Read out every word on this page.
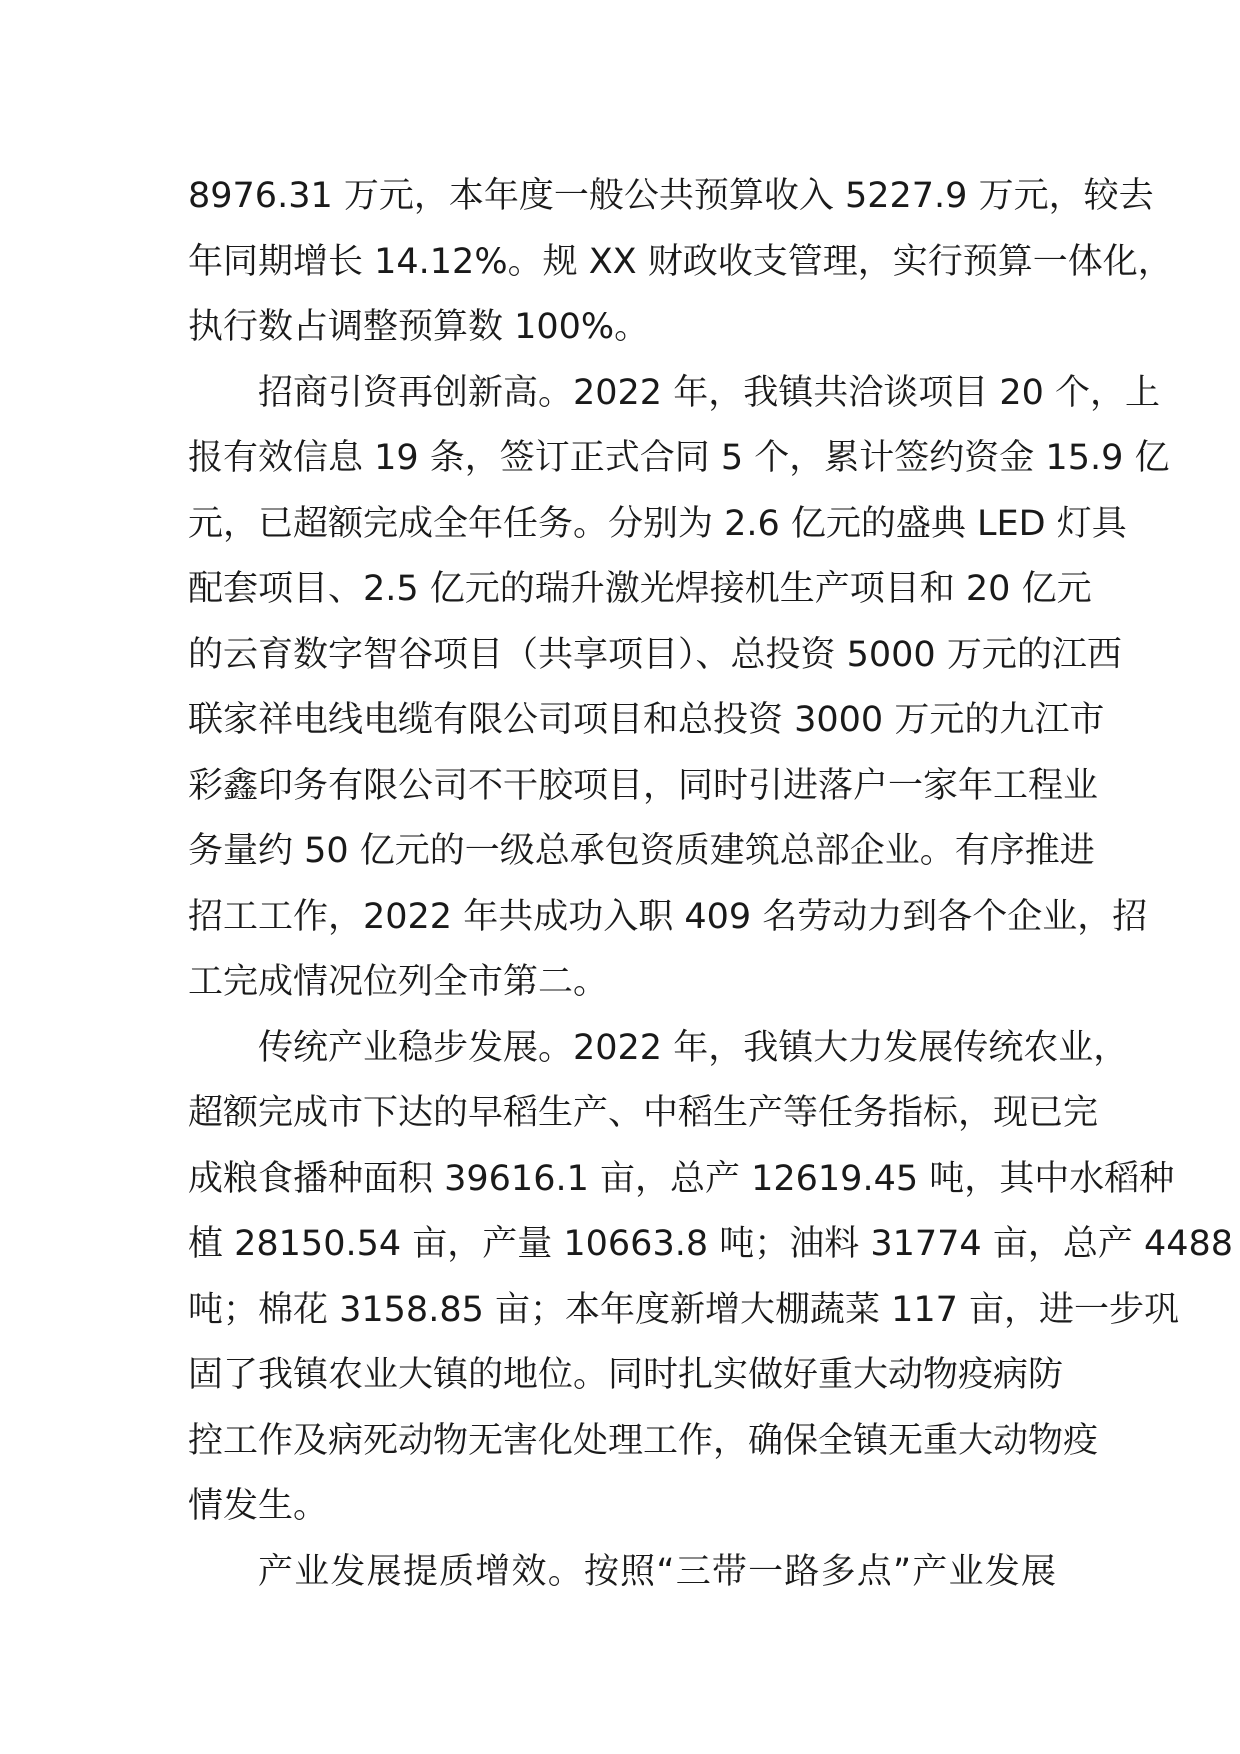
8976.31 万元，本年度一般公共预算收入 5227.9 万元，较去
年同期增长 14.12%。规 XX 财政收支管理，实行预算一体化，
执行数占调整预算数 100%。
招商引资再创新高。2022 年，我镇共洽谈项目 20 个，上
报有效信息 19 条，签订正式合同 5 个，累计签约资金 15.9 亿
元，已超额完成全年任务。分别为 2.6 亿元的盛典 LED 灯具
配套项目、2.5 亿元的瑞升激光焊接机生产项目和 20 亿元
的云育数字智谷项目（共享项目）、总投资 5000 万元的江西
联家祥电线电缆有限公司项目和总投资 3000 万元的九江市
彩鑫印务有限公司不干胶项目，同时引进落户一家年工程业
务量约 50 亿元的一级总承包资质建筑总部企业。有序推进
招工工作，2022 年共成功入职 409 名劳动力到各个企业，招
工完成情况位列全市第二。
传统产业稳步发展。2022 年，我镇大力发展传统农业，
超额完成市下达的早稻生产、中稻生产等任务指标，现已完
成粮食播种面积 39616.1 亩，总产 12619.45 吨，其中水稻种
植 28150.54 亩，产量 10663.8 吨；油料 31774 亩，总产 4488
吨；棉花 3158.85 亩；本年度新增大棚蔬菜 117 亩，进一步巩
固了我镇农业大镇的地位。同时扎实做好重大动物疫病防
控工作及病死动物无害化处理工作，确保全镇无重大动物疫
情发生。
产业发展提质增效。按照“三带一路多点”产业发展
